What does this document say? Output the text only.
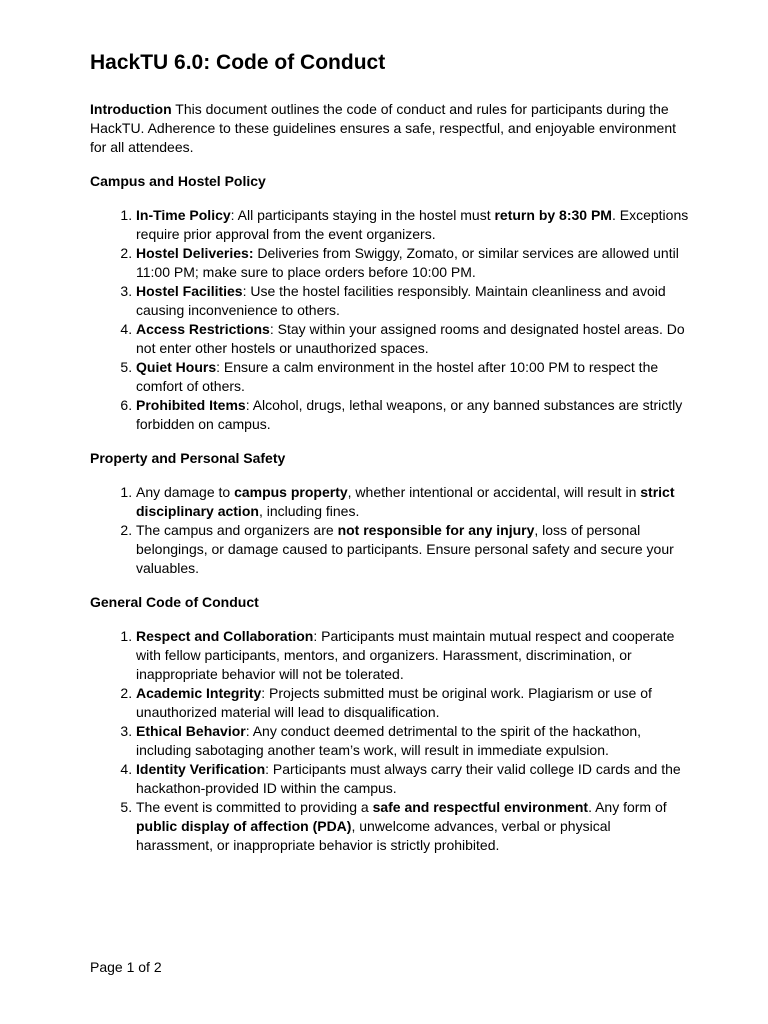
HackTU 6.0: Code of Conduct

Introduction This document outlines the code of conduct and rules for participants during the HackTU. Adherence to these guidelines ensures a safe, respectful, and enjoyable environment for all attendees.

Campus and Hostel Policy
1. In-Time Policy: All participants staying in the hostel must return by 8:30 PM. Exceptions require prior approval from the event organizers.
2. Hostel Deliveries: Deliveries from Swiggy, Zomato, or similar services are allowed until 11:00 PM; make sure to place orders before 10:00 PM.
3. Hostel Facilities: Use the hostel facilities responsibly. Maintain cleanliness and avoid causing inconvenience to others.
4. Access Restrictions: Stay within your assigned rooms and designated hostel areas. Do not enter other hostels or unauthorized spaces.
5. Quiet Hours: Ensure a calm environment in the hostel after 10:00 PM to respect the comfort of others.
6. Prohibited Items: Alcohol, drugs, lethal weapons, or any banned substances are strictly forbidden on campus.
Property and Personal Safety
1. Any damage to campus property, whether intentional or accidental, will result in strict disciplinary action, including fines.
2. The campus and organizers are not responsible for any injury, loss of personal belongings, or damage caused to participants. Ensure personal safety and secure your valuables.
General Code of Conduct
1. Respect and Collaboration: Participants must maintain mutual respect and cooperate with fellow participants, mentors, and organizers. Harassment, discrimination, or inappropriate behavior will not be tolerated.
2. Academic Integrity: Projects submitted must be original work. Plagiarism or use of unauthorized material will lead to disqualification.
3. Ethical Behavior: Any conduct deemed detrimental to the spirit of the hackathon, including sabotaging another team’s work, will result in immediate expulsion.
4. Identity Verification: Participants must always carry their valid college ID cards and the hackathon-provided ID within the campus.
5. The event is committed to providing a safe and respectful environment. Any form of public display of affection (PDA), unwelcome advances, verbal or physical harassment, or inappropriate behavior is strictly prohibited.
Page 1 of 2
